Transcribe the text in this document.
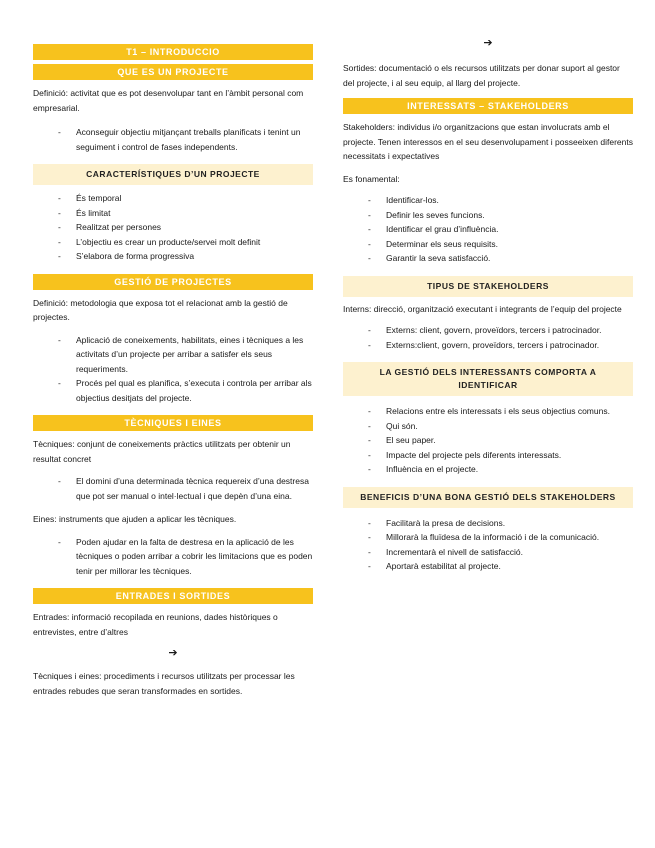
T1 – INTRODUCCIO
QUE ES UN PROJECTE

Definició: activitat que es pot desenvolupar tant en l’àmbit personal com empresarial.

- Aconseguir objectiu mitjançant treballs planificats i tenint un seguiment i control de fases independents.
CARACTERÍSTIQUES D’UN PROJECTE
- És temporal
- És limitat
- Realitzat per persones
- L’objectiu es crear un producte/servei molt definit
- S’elabora de forma progressiva
GESTIÓ DE PROJECTES

Definició: metodologia que exposa tot el relacionat amb la gestió de projectes.

- Aplicació de coneixements, habilitats, eines i tècniques a les activitats d’un projecte per arribar a satisfer els seus requeriments.
- Procés pel qual es planifica, s’executa i controla per arribar als objectius desitjats del projecte.
TÈCNIQUES I EINES

Tècniques: conjunt de coneixements pràctics utilitzats per obtenir un resultat concret

- El domini d’una determinada tècnica requereix d’una destresa que pot ser manual o intel·lectual i que depèn d’una eina.

Eines: instruments que ajuden a aplicar les tècniques.

- Poden ajudar en la falta de destresa en la aplicació de les tècniques o poden arribar a cobrir les limitacions que es poden tenir per millorar les tècniques.
ENTRADES I SORTIDES

Entrades: informació recopilada en reunions, dades històriques o entrevistes, entre d’altres

➔

Tècniques i eines: procediments i recursos utilitzats per processar les entrades rebudes que seran transformades en sortides.

➔

Sortides: documentació o els recursos utilitzats per donar suport al gestor del projecte, i al seu equip, al llarg del projecte.

INTERESSATS – STAKEHOLDERS

Stakeholders: individus i/o organitzacions que estan involucrats amb el projecte. Tenen interessos en el seu desenvolupament i posseeixen diferents necessitats i expectatives

Es fonamental:

- Identificar-los.
- Definir les seves funcions.
- Identificar el grau d’influència.
- Determinar els seus requisits.
- Garantir la seva satisfacció.
TIPUS DE STAKEHOLDERS

Interns: direcció, organització executant i integrants de l’equip del projecte

- Externs: client, govern, proveïdors, tercers i patrocinador.
- Externs:client, govern, proveïdors, tercers i patrocinador.
LA GESTIÓ DELS INTERESSANTS COMPORTA A IDENTIFICAR
- Relacions entre els interessats i els seus objectius comuns.
- Qui són.
- El seu paper.
- Impacte del projecte pels diferents interessats.
- Influència en el projecte.
BENEFICIS D’UNA BONA GESTIÓ DELS STAKEHOLDERS
- Facilitarà la presa de decisions.
- Millorarà la fluïdesa de la informació i de la comunicació.
- Incrementarà el nivell de satisfacció.
- Aportarà estabilitat al projecte.
